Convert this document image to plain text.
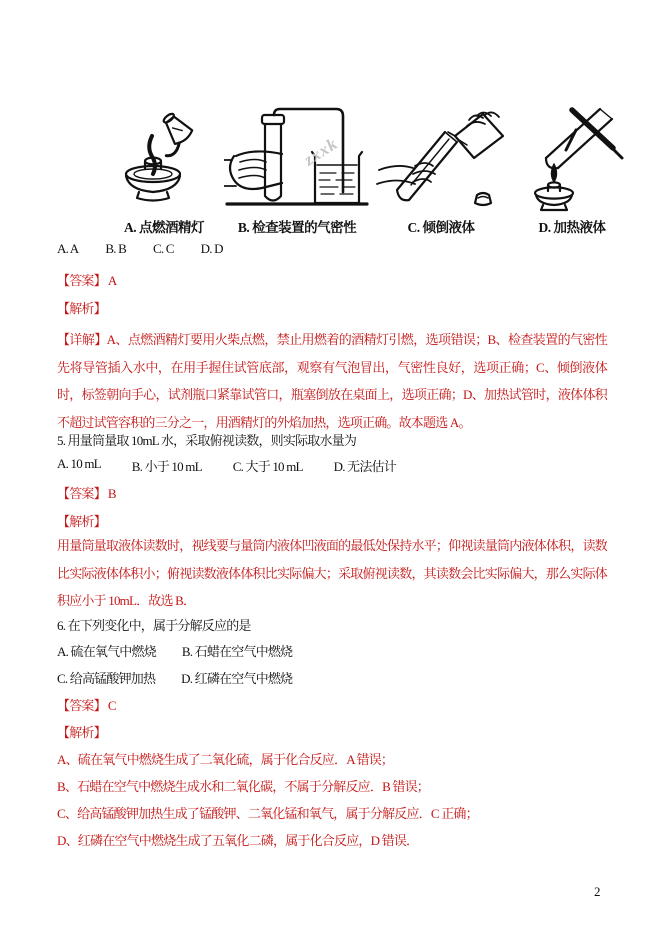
A. 点燃酒精灯	B. 检查装置的气密性	C. 倾倒液体	D. 加热液体
zxxk
A. A B. B C. C D. D
【答案】 A
【解析】
【详解】A、点燃酒精灯要用火柴点燃，禁止用燃着的酒精灯引燃，选项错误；B、检查装置的气密性先将导管插入水中，在用手握住试管底部，观察有气泡冒出，气密性良好，选项正确；C、倾倒液体时，标签朝向手心，试剂瓶口紧靠试管口，瓶塞倒放在桌面上，选项正确；D、加热试管时，液体体积不超过试管容积的三分之一，用酒精灯的外焰加热，选项正确。故本题选 A。
5. 用量筒量取 10mL 水，采取俯视读数，则实际取水量为
A. 10 mL B. 小于 10 mL C. 大于 10 mL D. 无法估计
【答案】 B
【解析】
用量筒量取液体读数时，视线要与量筒内液体凹液面的最低处保持水平；仰视读量筒内液体体积，读数比实际液体体积小；俯视读数液体体积比实际偏大；采取俯视读数，其读数会比实际偏大，那么实际体积应小于 10mL．故选 B．
6. 在下列变化中，属于分解反应的是
A. 硫在氧气中燃烧 B. 石蜡在空气中燃烧
C. 给高锰酸钾加热 D. 红磷在空气中燃烧
【答案】 C
【解析】
A、硫在氧气中燃烧生成了二氧化硫，属于化合反应．A 错误；
B、石蜡在空气中燃烧生成水和二氧化碳，不属于分解反应．B 错误；
C、给高锰酸钾加热生成了锰酸钾、二氧化锰和氧气，属于分解反应．C 正确；
D、红磷在空气中燃烧生成了五氧化二磷，属于化合反应，D 错误．
2
